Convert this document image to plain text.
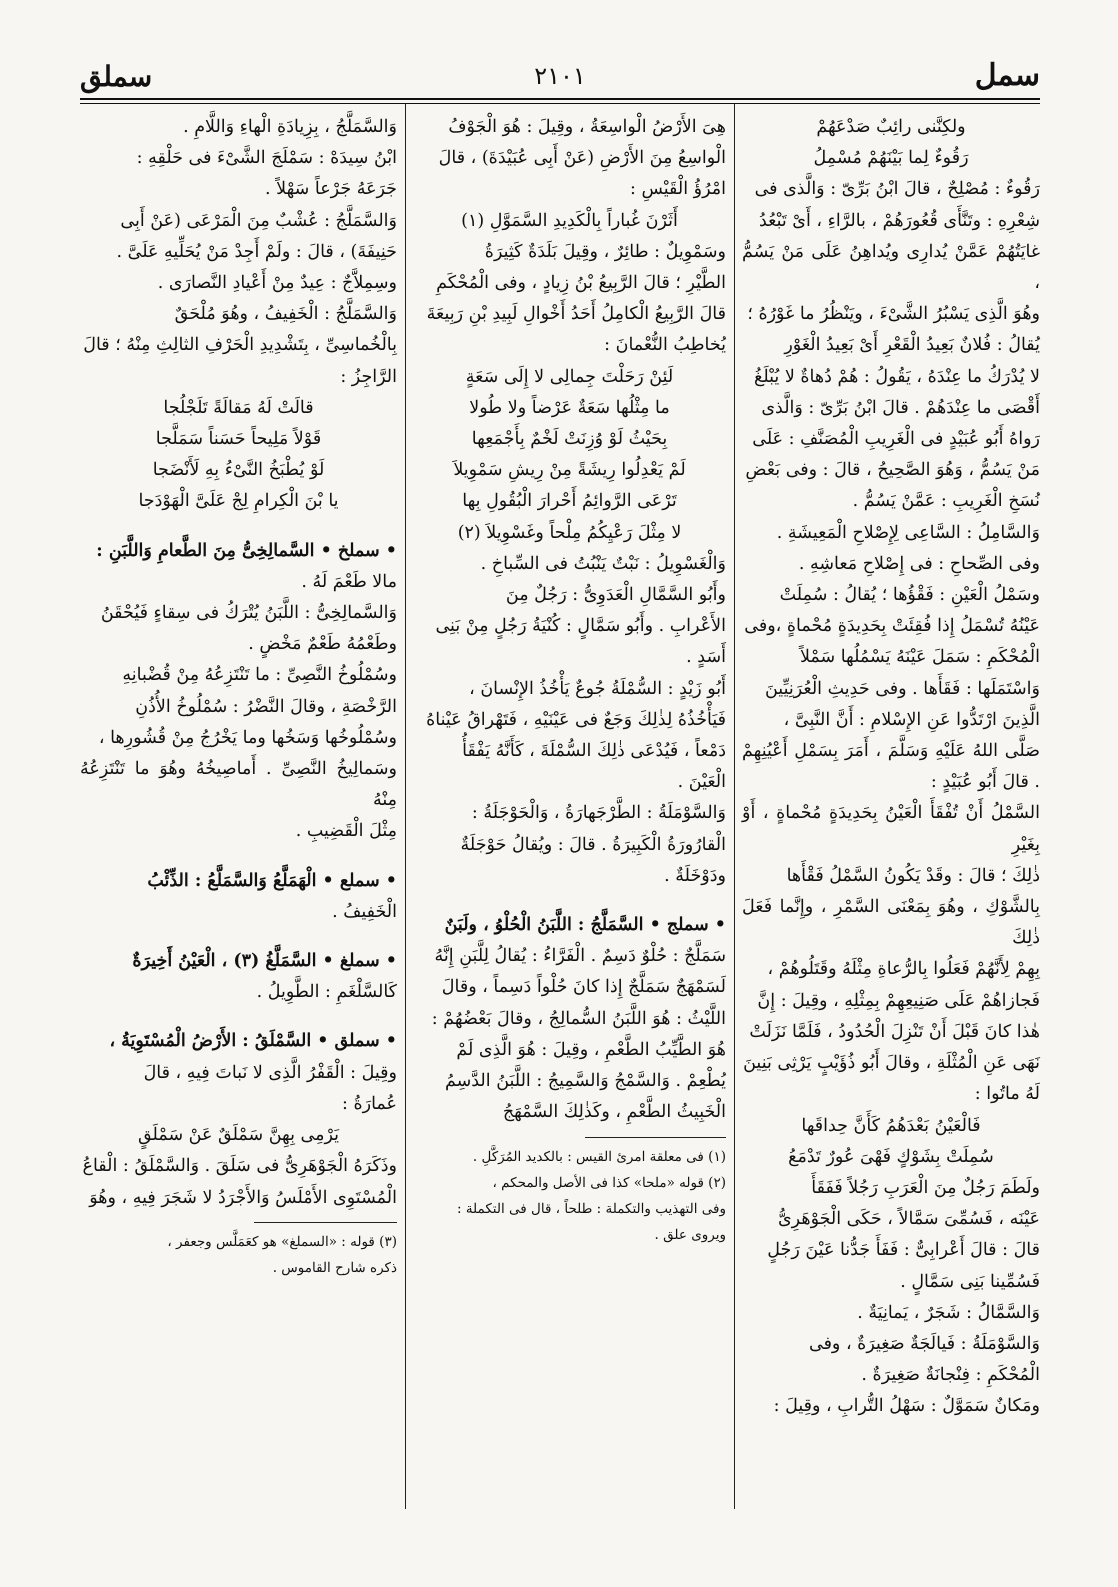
سمل
٢١٠١
سملق

ولكِنَّنى رائِبٌ صَدْعَهُمْ

رَقُوءٌ لِما بَيْنَهُمْ مُسْمِلُ

رَقُوءٌ : مُصْلِحٌ ، قالَ ابْنُ بَرِّىّ : وَالَّذى فى

شِعْرِهِ : وتَنَّأَى قُعُورَهُمْ ، بالرَّاءِ ، أَىْ تَبْعُدُ

غايَتُهُمْ عَمَّنْ يُدارِى ويُداهِنُ عَلَى مَنْ يَسُمُّ ،

وهُوَ الَّذِى يَسْبُرُ الشَّىْءَ ، ويَنْظُرُ ما غَوْرُهُ ؛

يُقالُ : فُلانٌ بَعِيدُ الْقَعْرِ أَىْ بَعِيدُ الْغَوْرِ

لا يُدْرَكُ ما عِنْدَهُ ، يَقُولُ : هُمْ دُهاةٌ لا يُبْلَغُ

أَقْصَى ما عِنْدَهُمْ . قالَ ابْنُ بَرِّىّ : وَالَّذى

رَواهُ أَبُو عُبَيْدٍ فى الْغَرِيبِ الْمُصَنَّفِ : عَلَى

مَنْ يَسُمُّ ، وَهُوَ الصَّحِيحُ ، قالَ : وفى بَعْضِ

نُسَخِ الْغَرِيبِ : عَمَّنْ يَسُمُّ .

وَالسَّامِلُ : السَّاعِى لِإِصْلاحِ الْمَعِيشَةِ .

وفى الصِّحاحِ : فى إِصْلاحِ مَعاشِهِ .

وسَمْلُ الْعَيْنِ : فَقْؤُها ؛ يُقالُ : سُمِلَتْ

عَيْنُهُ تُسْمَلُ إِذا فُقِئَتْ بِحَدِيدَةٍ مُحْماةٍ ،وفى

الْمُحْكَمِ : سَمَلَ عَيْنَهُ يَسْمُلُها سَمْلاً

وَاسْتَمَلَها : فَقَأَها . وفى حَدِيثِ الْعُرَنِيِّينَ

الَّذِينَ ارْتَدُّوا عَنِ الإِسْلامِ : أَنَّ النَّبِىَّ ،

صَلَّى اللهُ عَلَيْهِ وَسَلَّمَ ، أَمَرَ بِسَمْلِ أَعْيُنِهِمْ . قالَ أَبُو عُبَيْدٍ :

السَّمْلُ أَنْ تُفْقَأَ الْعَيْنُ بِحَدِيدَةٍ مُحْماةٍ ، أَوْ بِغَيْرِ

ذٰلِكَ ؛ قالَ : وقَدْ يَكُونُ السَّمْلُ فَقْأَها

بِالشَّوْكِ ، وهُوَ بِمَعْنَى السَّمْرِ ، وإِنَّما فَعَلَ ذٰلِكَ

بِهِمْ لِأَنَّهُمْ فَعَلُوا بِالرُّعاةِ مِثْلَهُ وقَتَلُوهُمْ ،

فَجازاهُمْ عَلَى صَنِيعِهِمْ بِمِثْلِهِ ، وقِيلَ : إِنَّ

هٰذا كانَ قَبْلَ أَنْ تَنْزِلَ الْحُدُودُ ، فَلَمَّا نَزَلَتْ

نَهَى عَنِ الْمُثْلَةِ ، وقالَ أَبُو ذُؤَيْبٍ يَرْثِى بَنِينَ

لَهُ ماتُوا :

فَالْعَيْنُ بَعْدَهُمُ كَأَنَّ حِداقَها

سُمِلَتْ بِشَوْكٍ فَهْىَ عُورٌ تَدْمَعُ

ولَطَمَ رَجُلٌ مِنَ الْعَرَبِ رَجُلاً فَفَقَأَ

عَيْنَه ، فَسُمِّىَ سَمَّالاً ، حَكَى الْجَوْهَرِىُّ

قالَ : قالَ أَعْرابِىٌّ : فَفَأَ جَدُّنا عَيْنَ رَجُلٍ

فَسُمِّينا بَنِى سَمَّالٍ .

وَالسَّمَّالُ : شَجَرٌ ، يَمانِيَةٌ .

وَالسَّوْمَلَةُ : فَيالَجَةٌ صَغِيرَةٌ ، وفى

الْمُحْكَمِ : فِنْجانَةٌ صَغِيرَةٌ .

ومَكانٌ سَمَوَّلٌ : سَهْلُ التُّرابِ ، وقِيلَ :

هِىَ الأَرْضُ الْواسِعَةُ ، وقِيلَ : هُوَ الْجَوْفُ

الْواسِعُ مِنَ الأَرْضِ (عَنْ أَبِى عُبَيْدَةَ) ، قالَ

امْرُؤُ الْقَيْسِ :

أَثَرْنَ غُباراً بِالْكَدِيدِ السَّمَوَّلِ (١)

وسَمْوِيلٌ : طائِرٌ ، وقِيلَ بَلَدَةٌ كَثِيرَةُ

الطَّيْرِ ؛ قالَ الرَّبِيعُ بْنُ زِيادٍ ، وفى الْمُحْكَمِ

قالَ الرَّبِيعُ الْكامِلُ أَحَدُ أَخْوالِ لَبِيدِ بْنِ رَبِيعَةَ

يُخاطِبُ النُّعْمانَ :

لَئِنْ رَحَلْتَ جِمالِى لا إِلَى سَعَةٍ

ما مِثْلُها سَعَةٌ عَرْضاً ولا طُولا

بِحَيْثُ لَوْ وُزِنَتْ لَخْمٌ بِأَجْمَعِها

لَمْ يَعْدِلُوا رِيشَةً مِنْ رِيشِ سَمْوِيلاَ

تَرْعَى الرَّوائِمُ أَحْرارَ الْبُقُولِ بِها

لا مِثْلَ رَعْيِكُمُ مِلْحاً وغَسْوِيلاَ (٢)

وَالْغَسْوِيلُ : نَبْتٌ يَنْبُتُ فى السِّباخِ .

وأَبُو السَّمَّالِ الْعَدَوِىُّ : رَجُلٌ مِنَ

الأَعْرابِ . وأَبُو سَمَّالٍ : كُنْيَةُ رَجُلٍ مِنْ بَنِى

أَسَدٍ .

أَبُو زَيْدٍ : السُّمْلَةُ جُوعٌ يَأْخُذُ الإِنْسانَ ،

فَيَأْخُذُهُ لِذٰلِكَ وَجَعٌ فى عَيْنَيْهِ ، فَتَهْراقُ عَيْناهُ

دَمْعاً ، فَيُدْعَى ذٰلِكَ السُّمْلَةَ ، كَأَنَّهُ يَفْقَأُ

الْعَيْنَ .

وَالسَّوْمَلَةُ : الطَّرْجَهارَةُ ، وَالْحَوْجَلَةُ :

الْقارُورَةُ الْكَبِيرَةُ . قالَ : ويُقالُ حَوْجَلَةٌ

ودَوْخَلَةٌ .

• سملج • السَّمَلَّجُ : اللَّبَنُ الْحُلْوُ ، ولَبَنٌ

سَمَلَّجٌ : حُلْوٌ دَسِمٌ . الْفَرَّاءُ : يُقالُ لِلَّبَنِ إِنَّهُ

لَسَمْهَجٌ سَمَلَّجٌ إِذا كانَ حُلْواً دَسِماً ، وقالَ

اللَّيْثُ : هُوَ اللَّبَنُ السُّمالِجُ ، وقالَ بَعْضُهُمْ :

هُوَ الطَّيِّبُ الطَّعْمِ ، وقِيلَ : هُوَ الَّذِى لَمْ

يُطْعِمْ . وَالسَّمْجُ وَالسَّمِيجُ : اللَّبَنُ الدَّسِمُ

الْخَبِيثُ الطَّعْمِ ، وكَذٰلِكَ السَّمْهَجُ

(١) فى معلقة امرئ القيس : بالكديد المُرَكَّلِ .

(٢) قوله «ملحا» كذا فى الأصل والمحكم ،

وفى التهذيب والتكملة : طلحاً ، قال فى التكملة :

ويروى علق .

وَالسَّمَلَّجُ ، بِزِيادَةِ الْهاءِ وَاللَّامِ .

ابْنُ سِيدَهْ : سَمْلَجَ الشَّىْءَ فى حَلْقِهِ :

جَرَعَهُ جَرْعاً سَهْلاً .

وَالسَّمَلَّجُ : عُشْبٌ مِنَ الْمَرْعَى (عَنْ أَبِى

حَنِيفَةَ) ، قالَ : ولَمْ أَجِدْ مَنْ يُحَلِّيهِ عَلَىَّ .

وسِمِلاَّجٌ : عِيدٌ مِنْ أَعْيادِ النَّصارَى .

وَالسَّمَلَّجُ : الْخَفِيفُ ، وهُوَ مُلْحَقٌ

بِالْخُماسِىِّ ، بِتَشْدِيدِ الْحَرْفِ الثالِثِ مِنْهُ ؛ قالَ

الرَّاجِزُ :

قالَتْ لَهُ مَقالَةً تَلَجْلُجا

قَوْلاً مَلِيحاً حَسَناً سَمَلَّجا

لَوْ يُطْبَخُ النَّىْءُ بِهِ لَأَنْضَجا

يا بْنَ الْكِرامِ لِجْ عَلَىَّ الْهَوْدَجا

• سملخ • السَّمالِخِىُّ مِنَ الطَّعامِ وَاللَّبَنِ :

مالا طَعْمَ لَهُ .

وَالسَّمالِخِىُّ : اللَّبَنُ يُتْرَكُ فى سِقاءٍ فَيُحْقَنُ

وطَعْمُهُ طَعْمٌ مَخْضٍ .

وسُمْلُوخُ النَّصِىِّ : ما تَنْتَزِعُهُ مِنْ قُضْبانِهِ

الرَّخْصَةِ ، وقالَ النَّضْرُ : سُمْلُوخُ الأُذُنِ

وسُمْلُوخُها وَسَخُها وما يَخْرُجُ مِنْ قُشُورِها ،

وسَمالِيخُ النَّصِىِّ . أَماصِيخُهُ وهُوَ ما تَنْتَزِعُهُ مِنْهُ

مِثْلَ الْقَضِيبِ .

• سملع • الْهَمَلَّعُ وَالسَّمَلَّعُ : الذِّئْبُ

الْخَفِيفُ .

• سملغ • السَّمَلَّغُ (٣) ، الْعَيْنُ أَخِيرَةٌ

كَالسَّلْغَمِ : الطَّوِيلُ .

• سملق • السَّمْلَقُ : الأَرْضُ الْمُسْتَوِيَةُ ،

وقِيلَ : الْقَفْرُ الَّذِى لا نَباتَ فِيهِ ، قالَ

عُمارَةُ :

يَرْمِى بِهِنَّ سَمْلَقٌ عَنْ سَمْلَقٍ

وذَكَرَهُ الْجَوْهَرِىُّ فى سَلَقَ . وَالسَّمْلَقُ : الْقاعُ

الْمُسْتَوِى الأَمْلَسُ وَالأَجْرَدُ لا شَجَرَ فِيهِ ، وهُوَ

(٣) قوله : «السملغ» هو كعَمَلَّس وجعفر ،

ذكره شارح القاموس .
